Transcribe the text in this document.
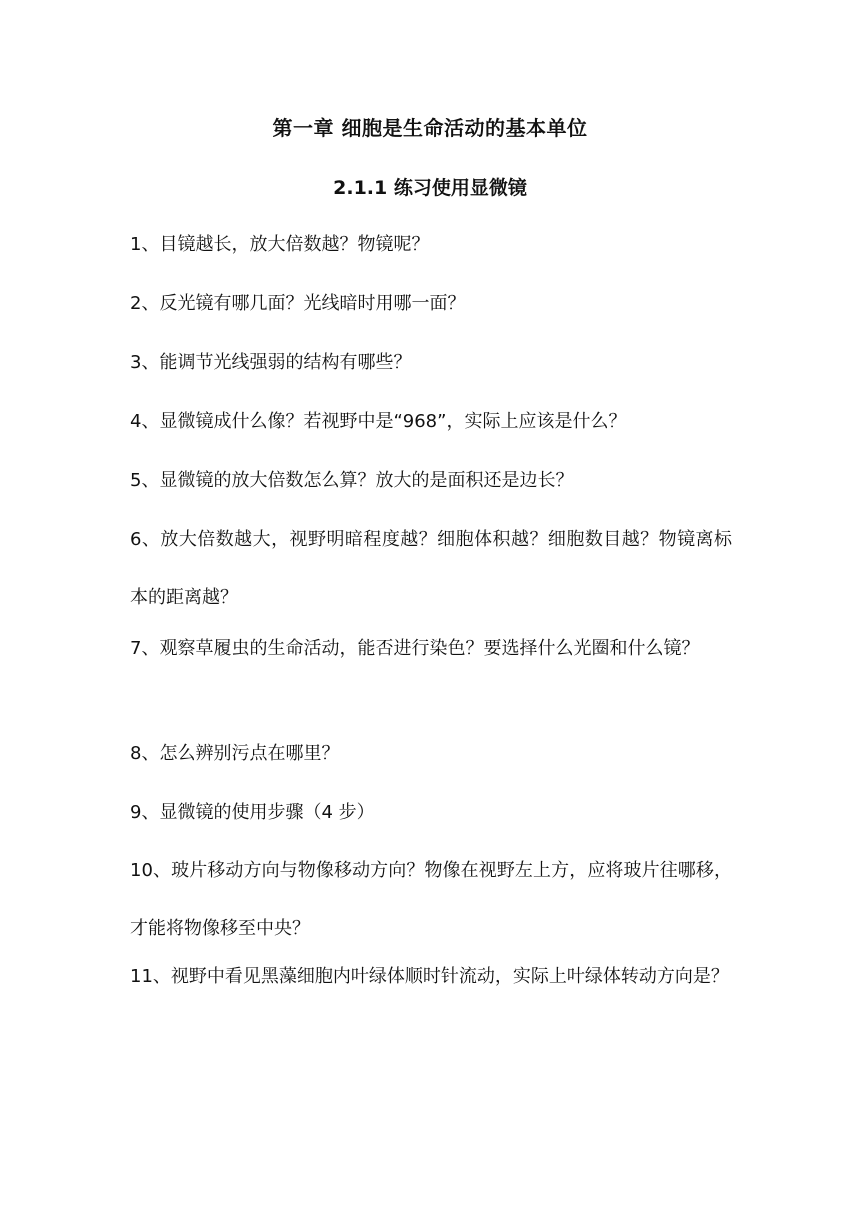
第一章 细胞是生命活动的基本单位
2.1.1 练习使用显微镜

1、目镜越长，放大倍数越？物镜呢？

2、反光镜有哪几面？光线暗时用哪一面？

3、能调节光线强弱的结构有哪些？

4、显微镜成什么像？若视野中是“968”，实际上应该是什么？

5、显微镜的放大倍数怎么算？放大的是面积还是边长？

6、放大倍数越大，视野明暗程度越？细胞体积越？细胞数目越？物镜离标本的距离越？

7、观察草履虫的生命活动，能否进行染色？要选择什么光圈和什么镜？

8、怎么辨别污点在哪里？

9、显微镜的使用步骤（4 步）

10、玻片移动方向与物像移动方向？物像在视野左上方，应将玻片往哪移，才能将物像移至中央？

11、视野中看见黑藻细胞内叶绿体顺时针流动，实际上叶绿体转动方向是？
